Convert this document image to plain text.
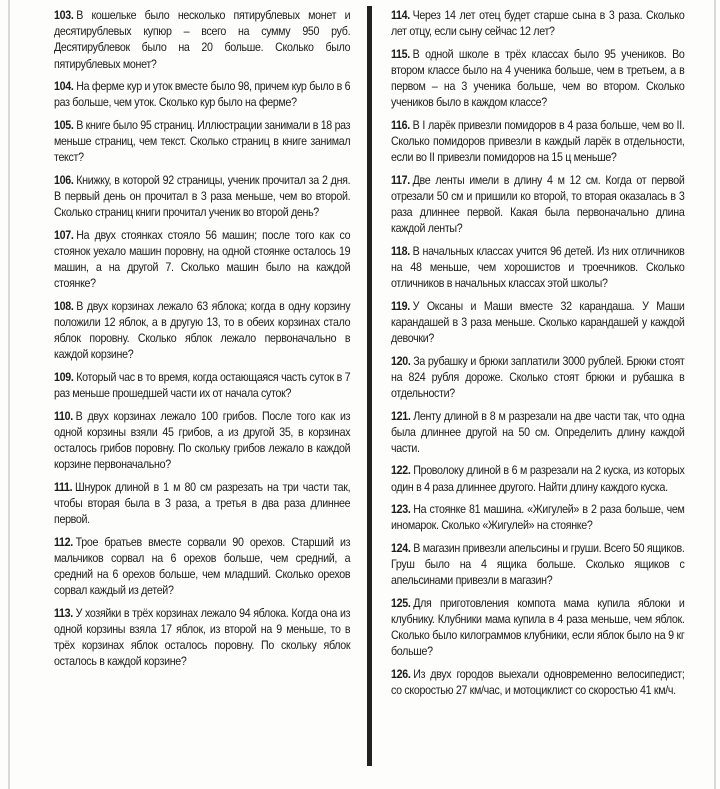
103. В кошельке было несколько пятирублевых монет и десятирублевых купюр – всего на сумму 950 руб. Десятирублевок было на 20 больше. Сколько было пятирублевых монет?

104. На ферме кур и уток вместе было 98, причем кур было в 6 раз больше, чем уток. Сколько кур было на ферме?

105. В книге было 95 страниц. Иллюстрации занимали в 18 раз меньше страниц, чем текст. Сколько страниц в книге занимал текст?

106. Книжку, в которой 92 страницы, ученик прочитал за 2 дня. В первый день он прочитал в 3 раза меньше, чем во второй. Сколько страниц книги прочитал ученик во второй день?

107. На двух стоянках стояло 56 машин; после того как со стоянок уехало машин поровну, на одной стоянке осталось 19 машин, а на другой 7. Сколько машин было на каждой стоянке?

108. В двух корзинах лежало 63 яблока; когда в одну корзину положили 12 яблок, а в другую 13, то в обеих корзинах стало яблок поровну. Сколько яблок лежало первоначально в каждой корзине?

109. Который час в то время, когда остающаяся часть суток в 7 раз меньше прошедшей части их от начала суток?

110. В двух корзинах лежало 100 грибов. После того как из одной корзины взяли 45 грибов, а из другой 35, в корзинах осталось грибов поровну. По скольку грибов лежало в каждой корзине первоначально?

111. Шнурок длиной в 1 м 80 см разрезать на три части так, чтобы вторая была в 3 раза, а третья в два раза длиннее первой.

112. Трое братьев вместе сорвали 90 орехов. Старший из мальчиков сорвал на 6 орехов больше, чем средний, а средний на 6 орехов больше, чем младший. Сколько орехов сорвал каждый из детей?

113. У хозяйки в трёх корзинах лежало 94 яблока. Когда она из одной корзины взяла 17 яблок, из второй на 9 меньше, то в трёх корзинах яблок осталось поровну. По скольку яблок осталось в каждой корзине?

114. Через 14 лет отец будет старше сына в 3 раза. Сколько лет отцу, если сыну сейчас 12 лет?

115. В одной школе в трёх классах было 95 учеников. Во втором классе было на 4 ученика больше, чем в третьем, а в первом – на 3 ученика больше, чем во втором. Сколько учеников было в каждом классе?

116. В I ларёк привезли помидоров в 4 раза больше, чем во II. Сколько помидоров привезли в каждый ларёк в отдельности, если во II привезли помидоров на 15 ц меньше?

117. Две ленты имели в длину 4 м 12 см. Когда от первой отрезали 50 см и пришили ко второй, то вторая оказалась в 3 раза длиннее первой. Какая была первоначально длина каждой ленты?

118. В начальных классах учится 96 детей. Из них отличников на 48 меньше, чем хорошистов и троечников. Сколько отличников в начальных классах этой школы?

119. У Оксаны и Маши вместе 32 карандаша. У Маши карандашей в 3 раза меньше. Сколько карандашей у каждой девочки?

120. За рубашку и брюки заплатили 3000 рублей. Брюки стоят на 824 рубля дороже. Сколько стоят брюки и рубашка в отдельности?

121. Ленту длиной в 8 м разрезали на две части так, что одна была длиннее другой на 50 см. Определить длину каждой части.

122. Проволоку длиной в 6 м разрезали на 2 куска, из которых один в 4 раза длиннее другого. Найти длину каждого куска.

123. На стоянке 81 машина. «Жигулей» в 2 раза больше, чем иномарок. Сколько «Жигулей» на стоянке?

124. В магазин привезли апельсины и груши. Всего 50 ящиков. Груш было на 4 ящика больше. Сколько ящиков с апельсинами привезли в магазин?

125. Для приготовления компота мама купила яблоки и клубнику. Клубники мама купила в 4 раза меньше, чем яблок. Сколько было килограммов клубники, если яблок было на 9 кг больше?

126. Из двух городов выехали одновременно велосипедист; со скоростью 27 км/час, и мотоциклист со скоростью 41 км/ч.
